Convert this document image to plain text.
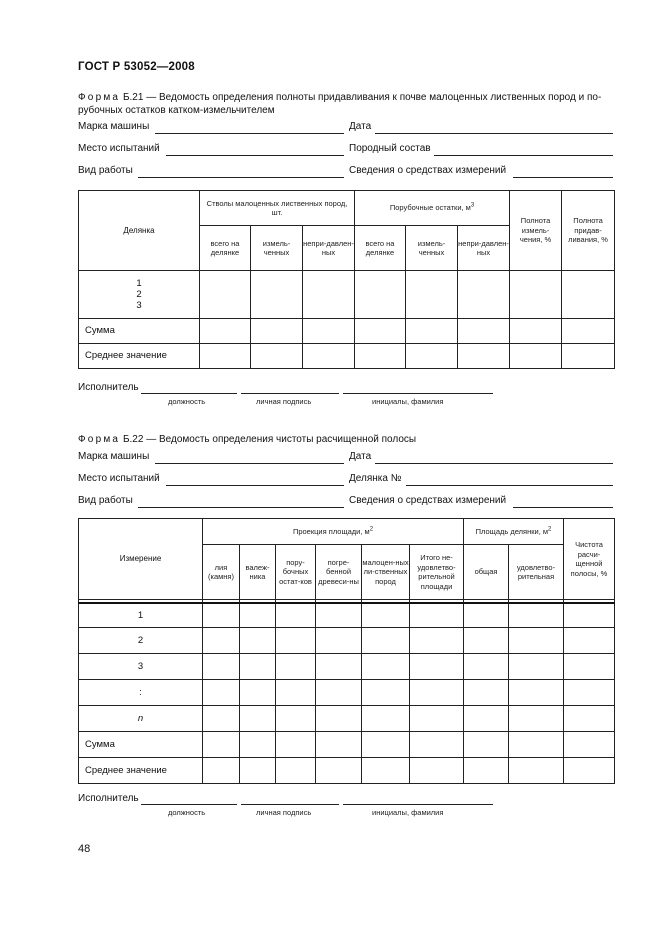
ГОСТ Р 53052—2008
Форма Б.21 — Ведомость определения полноты придавливания к почве малоценных лиственных пород и по-рубочных остатков катком-измельчителем
Марка машины	Дата
Место испытаний	Породный состав
Вид работы	Сведения о средствах измерений
Делянка	Стволы малоценных лиственных пород, шт.			Порубочные остатки, $м^3$			Полнота измель-чения, %	Полнота придав-ливания, %
	всего на делянке	измель-ченных	непри-давлен-ных	всего на делянке	измель-ченных	непри-давлен-ных		

1
2
3								

Сумма								
Среднее значение								
Исполнитель
должность	личная подпись	инициалы, фамилия
Форма Б.22 — Ведомость определения чистоты расчищенной полосы
Марка машины	Дата
Место испытаний	Делянка №
Вид работы	Сведения о средствах измерений
Измерение	Проекция площади, $м^2$						Площадь делянки, $м^2$		Чистота расчи-щенной полосы, %
	лия (камня)	валеж-ника	пору-бочных остат-ков	погре-бенной древеси-ны	малоцен-ных ли-ственных пород	Итого не-удовлетво-рительной площади	общая	удовлетво-рительная	

1									
2									
3									
:									
n									
Сумма									
Среднее значение									
Исполнитель
должность	личная подпись	инициалы, фамилия
48
